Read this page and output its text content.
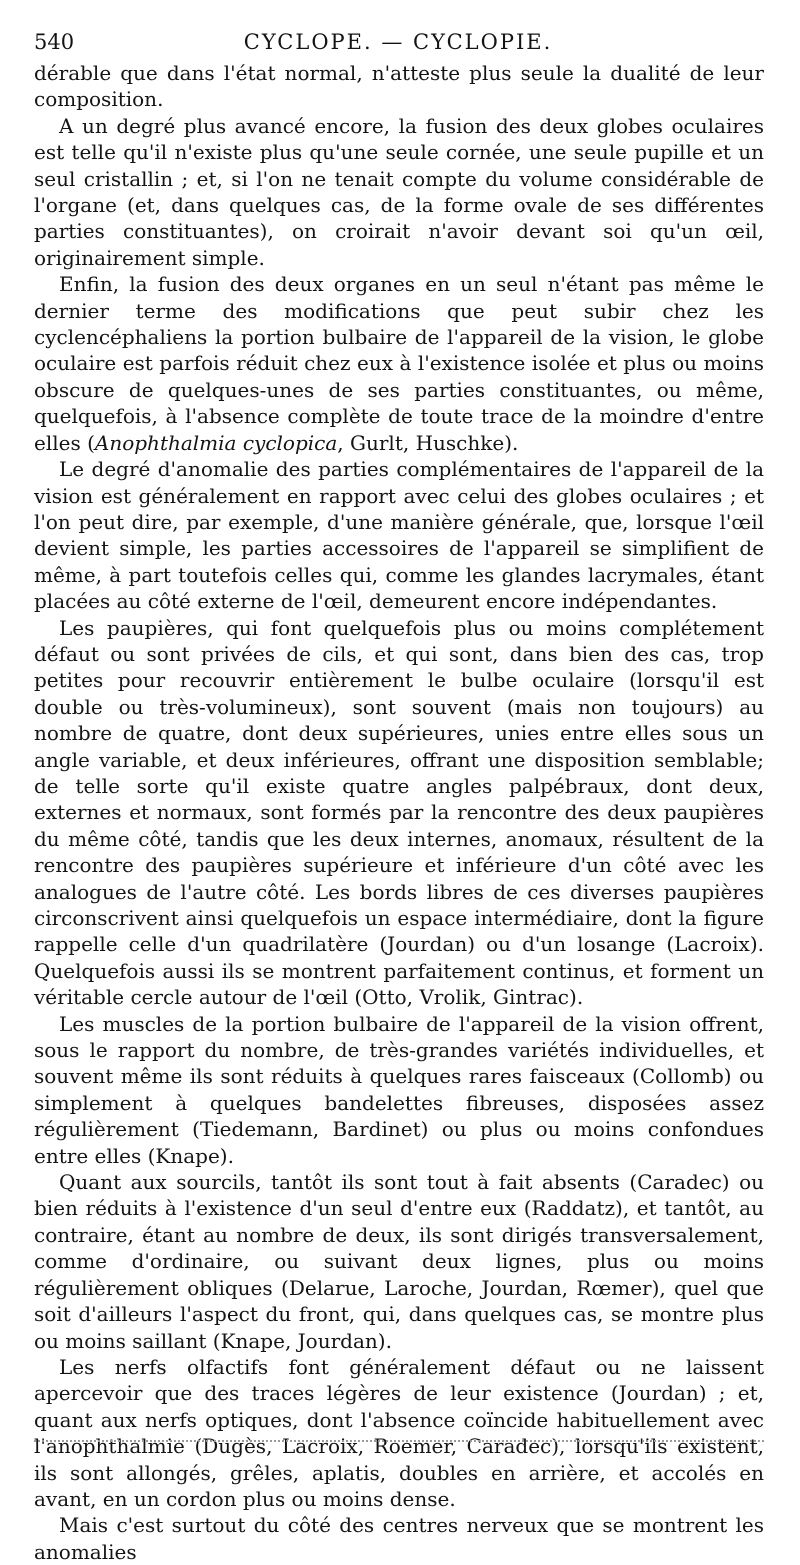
540	CYCLOPE. — CYCLOPIE.

dérable que dans l'état normal, n'atteste plus seule la dualité de leur composition.

A un degré plus avancé encore, la fusion des deux globes oculaires est telle qu'il n'existe plus qu'une seule cornée, une seule pupille et un seul cristallin ; et, si l'on ne tenait compte du volume considérable de l'organe (et, dans quelques cas, de la forme ovale de ses différentes parties constituantes), on croirait n'avoir devant soi qu'un œil, originairement simple.

Enfin, la fusion des deux organes en un seul n'étant pas même le dernier terme des modifications que peut subir chez les cyclencéphaliens la portion bulbaire de l'appareil de la vision, le globe oculaire est parfois réduit chez eux à l'existence isolée et plus ou moins obscure de quelques-unes de ses parties constituantes, ou même, quelquefois, à l'absence complète de toute trace de la moindre d'entre elles (Anophthalmia cyclopica, Gurlt, Huschke).

Le degré d'anomalie des parties complémentaires de l'appareil de la vision est généralement en rapport avec celui des globes oculaires ; et l'on peut dire, par exemple, d'une manière générale, que, lorsque l'œil devient simple, les parties accessoires de l'appareil se simplifient de même, à part toutefois celles qui, comme les glandes lacrymales, étant placées au côté externe de l'œil, demeurent encore indépendantes.

Les paupières, qui font quelquefois plus ou moins complétement défaut ou sont privées de cils, et qui sont, dans bien des cas, trop petites pour recouvrir entièrement le bulbe oculaire (lorsqu'il est double ou très-volumineux), sont souvent (mais non toujours) au nombre de quatre, dont deux supérieures, unies entre elles sous un angle variable, et deux inférieures, offrant une disposition semblable; de telle sorte qu'il existe quatre angles palpébraux, dont deux, externes et normaux, sont formés par la rencontre des deux paupières du même côté, tandis que les deux internes, anomaux, résultent de la rencontre des paupières supérieure et inférieure d'un côté avec les analogues de l'autre côté. Les bords libres de ces diverses paupières circonscrivent ainsi quelquefois un espace intermédiaire, dont la figure rappelle celle d'un quadrilatère (Jourdan) ou d'un losange (Lacroix). Quelquefois aussi ils se montrent parfaitement continus, et forment un véritable cercle autour de l'œil (Otto, Vrolik, Gintrac).

Les muscles de la portion bulbaire de l'appareil de la vision offrent, sous le rapport du nombre, de très-grandes variétés individuelles, et souvent même ils sont réduits à quelques rares faisceaux (Collomb) ou simplement à quelques bandelettes fibreuses, disposées assez régulièrement (Tiedemann, Bardinet) ou plus ou moins confondues entre elles (Knape).

Quant aux sourcils, tantôt ils sont tout à fait absents (Caradec) ou bien réduits à l'existence d'un seul d'entre eux (Raddatz), et tantôt, au contraire, étant au nombre de deux, ils sont dirigés transversalement, comme d'ordinaire, ou suivant deux lignes, plus ou moins régulièrement obliques (Delarue, Laroche, Jourdan, Rœmer), quel que soit d'ailleurs l'aspect du front, qui, dans quelques cas, se montre plus ou moins saillant (Knape, Jourdan).

Les nerfs olfactifs font généralement défaut ou ne laissent apercevoir que des traces légères de leur existence (Jourdan) ; et, quant aux nerfs optiques, dont l'absence coïncide habituellement avec l'anophthalmie (Dugès, Lacroix, Roemer, Caradec), lorsqu'ils existent, ils sont allongés, grêles, aplatis, doubles en arrière, et accolés en avant, en un cordon plus ou moins dense.

Mais c'est surtout du côté des centres nerveux que se montrent les anomalies
